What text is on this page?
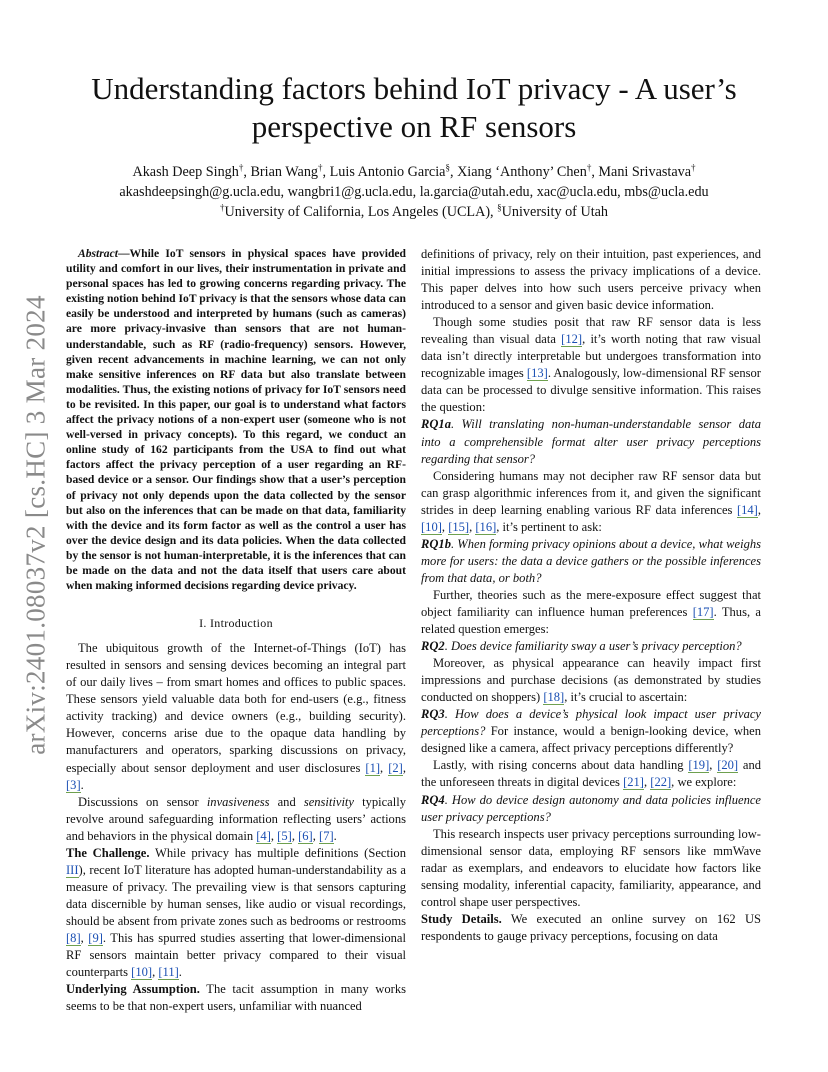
arXiv:2401.08037v2 [cs.HC] 3 Mar 2024
Understanding factors behind IoT privacy - A user’s
perspective on RF sensors
Akash Deep Singh†, Brian Wang†, Luis Antonio Garcia§, Xiang ‘Anthony’ Chen†, Mani Srivastava†
akashdeepsingh@g.ucla.edu, wangbri1@g.ucla.edu, la.garcia@utah.edu, xac@ucla.edu, mbs@ucla.edu
†University of California, Los Angeles (UCLA), §University of Utah

Abstract—While IoT sensors in physical spaces have provided utility and comfort in our lives, their instrumentation in private and personal spaces has led to growing concerns regarding privacy. The existing notion behind IoT privacy is that the sensors whose data can easily be understood and interpreted by humans (such as cameras) are more privacy-invasive than sensors that are not human-understandable, such as RF (radio-frequency) sensors. However, given recent advancements in machine learning, we can not only make sensitive inferences on RF data but also translate between modalities. Thus, the existing notions of privacy for IoT sensors need to be revisited. In this paper, our goal is to understand what factors affect the privacy notions of a non-expert user (someone who is not well-versed in privacy concepts). To this regard, we conduct an online study of 162 participants from the USA to find out what factors affect the privacy perception of a user regarding an RF-based device or a sensor. Our findings show that a user’s perception of privacy not only depends upon the data collected by the sensor but also on the inferences that can be made on that data, familiarity with the device and its form factor as well as the control a user has over the device design and its data policies. When the data collected by the sensor is not human-interpretable, it is the inferences that can be made on the data and not the data itself that users care about when making informed decisions regarding device privacy.

I. Introduction

The ubiquitous growth of the Internet-of-Things (IoT) has resulted in sensors and sensing devices becoming an integral part of our daily lives – from smart homes and offices to public spaces. These sensors yield valuable data both for end-users (e.g., fitness activity tracking) and device owners (e.g., building security). However, concerns arise due to the opaque data handling by manufacturers and operators, sparking discussions on privacy, especially about sensor deployment and user disclosures [1], [2], [3].

Discussions on sensor invasiveness and sensitivity typically revolve around safeguarding information reflecting users’ actions and behaviors in the physical domain [4], [5], [6], [7].

The Challenge. While privacy has multiple definitions (Section III), recent IoT literature has adopted human-understandability as a measure of privacy. The prevailing view is that sensors capturing data discernible by human senses, like audio or visual recordings, should be absent from private zones such as bedrooms or restrooms [8], [9]. This has spurred studies asserting that lower-dimensional RF sensors maintain better privacy compared to their visual counterparts [10], [11].

Underlying Assumption. The tacit assumption in many works seems to be that non-expert users, unfamiliar with nuanced

definitions of privacy, rely on their intuition, past experiences, and initial impressions to assess the privacy implications of a device. This paper delves into how such users perceive privacy when introduced to a sensor and given basic device information.

Though some studies posit that raw RF sensor data is less revealing than visual data [12], it’s worth noting that raw visual data isn’t directly interpretable but undergoes transformation into recognizable images [13]. Analogously, low-dimensional RF sensor data can be processed to divulge sensitive information. This raises the question:

RQ1a. Will translating non-human-understandable sensor data into a comprehensible format alter user privacy perceptions regarding that sensor?

Considering humans may not decipher raw RF sensor data but can grasp algorithmic inferences from it, and given the significant strides in deep learning enabling various RF data inferences [14], [10], [15], [16], it’s pertinent to ask:

RQ1b. When forming privacy opinions about a device, what weighs more for users: the data a device gathers or the possible inferences from that data, or both?

Further, theories such as the mere-exposure effect suggest that object familiarity can influence human preferences [17]. Thus, a related question emerges:

RQ2. Does device familiarity sway a user’s privacy perception?

Moreover, as physical appearance can heavily impact first impressions and purchase decisions (as demonstrated by studies conducted on shoppers) [18], it’s crucial to ascertain:

RQ3. How does a device’s physical look impact user privacy perceptions? For instance, would a benign-looking device, when designed like a camera, affect privacy perceptions differently?

Lastly, with rising concerns about data handling [19], [20] and the unforeseen threats in digital devices [21], [22], we explore:

RQ4. How do device design autonomy and data policies influence user privacy perceptions?

This research inspects user privacy perceptions surrounding low-dimensional sensor data, employing RF sensors like mmWave radar as exemplars, and endeavors to elucidate how factors like sensing modality, inferential capacity, familiarity, appearance, and control shape user perspectives.

Study Details. We executed an online survey on 162 US respondents to gauge privacy perceptions, focusing on data
